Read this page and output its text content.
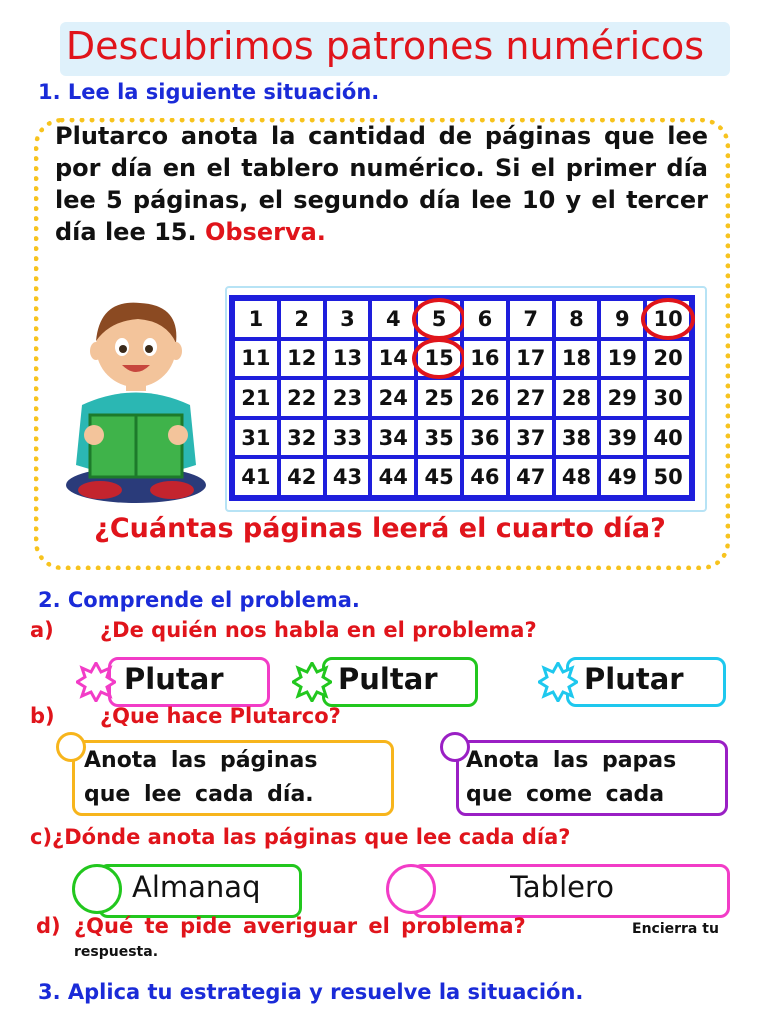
Descubrimos patrones numéricos
1. Lee la siguiente situación.
Plutarco anota la cantidad de páginas que lee por día en el tablero numérico. Si el primer día lee 5 páginas, el segundo día lee 10 y el tercer día lee 15. Observa.
1 2 3 4 5 6 7 8 9 10
11 12 13 14 15 16 17 18 19 20
21 22 23 24 25 26 27 28 29 30
31 32 33 34 35 36 37 38 39 40
41 42 43 44 45 46 47 48 49 50
¿Cuántas páginas leerá el cuarto día?
2. Comprende el problema.
a) ¿De quién nos habla en el problema?
Plutar	Pultar	Plutar
b) ¿Que hace Plutarco?
Anota las páginas
que lee cada día.
Anota las papas
que come cada
c)¿Dónde anota las páginas que lee cada día?
Almanaq	Tablero
d) ¿Qué te pide averiguar el problema?	Encierra tu
respuesta.
3. Aplica tu estrategia y resuelve la situación.
